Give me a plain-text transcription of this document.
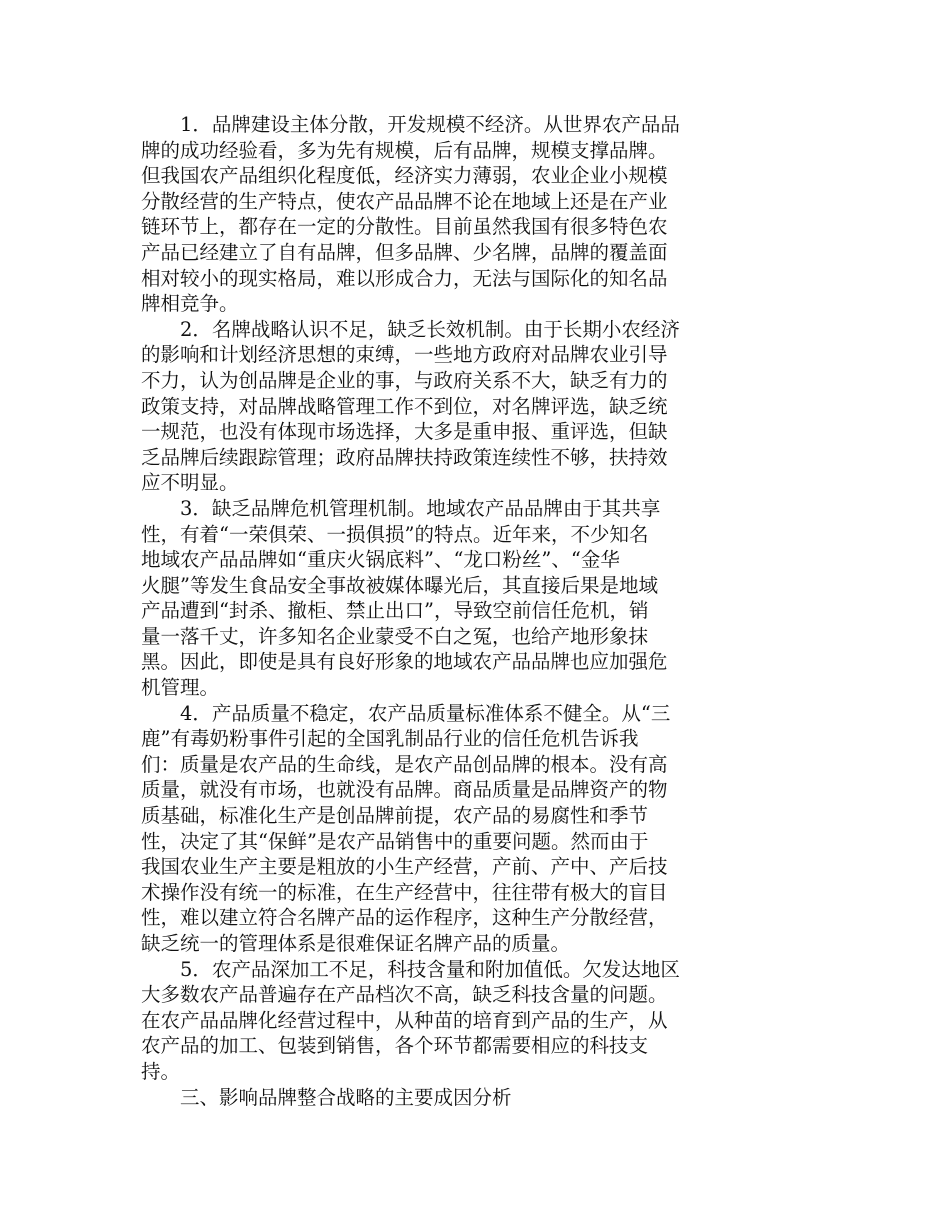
1．品牌建设主体分散，开发规模不经济。从世界农产品品
牌的成功经验看，多为先有规模，后有品牌，规模支撑品牌。
但我国农产品组织化程度低，经济实力薄弱，农业企业小规模
分散经营的生产特点，使农产品品牌不论在地域上还是在产业
链环节上，都存在一定的分散性。目前虽然我国有很多特色农
产品已经建立了自有品牌，但多品牌、少名牌，品牌的覆盖面
相对较小的现实格局，难以形成合力，无法与国际化的知名品
牌相竞争。
2．名牌战略认识不足，缺乏长效机制。由于长期小农经济
的影响和计划经济思想的束缚，一些地方政府对品牌农业引导
不力，认为创品牌是企业的事，与政府关系不大，缺乏有力的
政策支持，对品牌战略管理工作不到位，对名牌评选，缺乏统
一规范，也没有体现市场选择，大多是重申报、重评选，但缺
乏品牌后续跟踪管理；政府品牌扶持政策连续性不够，扶持效
应不明显。
3．缺乏品牌危机管理机制。地域农产品品牌由于其共享
性，有着“一荣俱荣、一损俱损”的特点。近年来，不少知名
地域农产品品牌如“重庆火锅底料”、“龙口粉丝”、“金华
火腿”等发生食品安全事故被媒体曝光后，其直接后果是地域
产品遭到“封杀、撤柜、禁止出口”，导致空前信任危机，销
量一落千丈，许多知名企业蒙受不白之冤，也给产地形象抹
黑。因此，即使是具有良好形象的地域农产品品牌也应加强危
机管理。
4．产品质量不稳定，农产品质量标准体系不健全。从“三
鹿”有毒奶粉事件引起的全国乳制品行业的信任危机告诉我
们：质量是农产品的生命线，是农产品创品牌的根本。没有高
质量，就没有市场，也就没有品牌。商品质量是品牌资产的物
质基础，标准化生产是创品牌前提，农产品的易腐性和季节
性，决定了其“保鲜”是农产品销售中的重要问题。然而由于
我国农业生产主要是粗放的小生产经营，产前、产中、产后技
术操作没有统一的标准，在生产经营中，往往带有极大的盲目
性，难以建立符合名牌产品的运作程序，这种生产分散经营，
缺乏统一的管理体系是很难保证名牌产品的质量。
5．农产品深加工不足，科技含量和附加值低。欠发达地区
大多数农产品普遍存在产品档次不高，缺乏科技含量的问题。
在农产品品牌化经营过程中，从种苗的培育到产品的生产，从
农产品的加工、包装到销售，各个环节都需要相应的科技支
持。
三、影响品牌整合战略的主要成因分析
